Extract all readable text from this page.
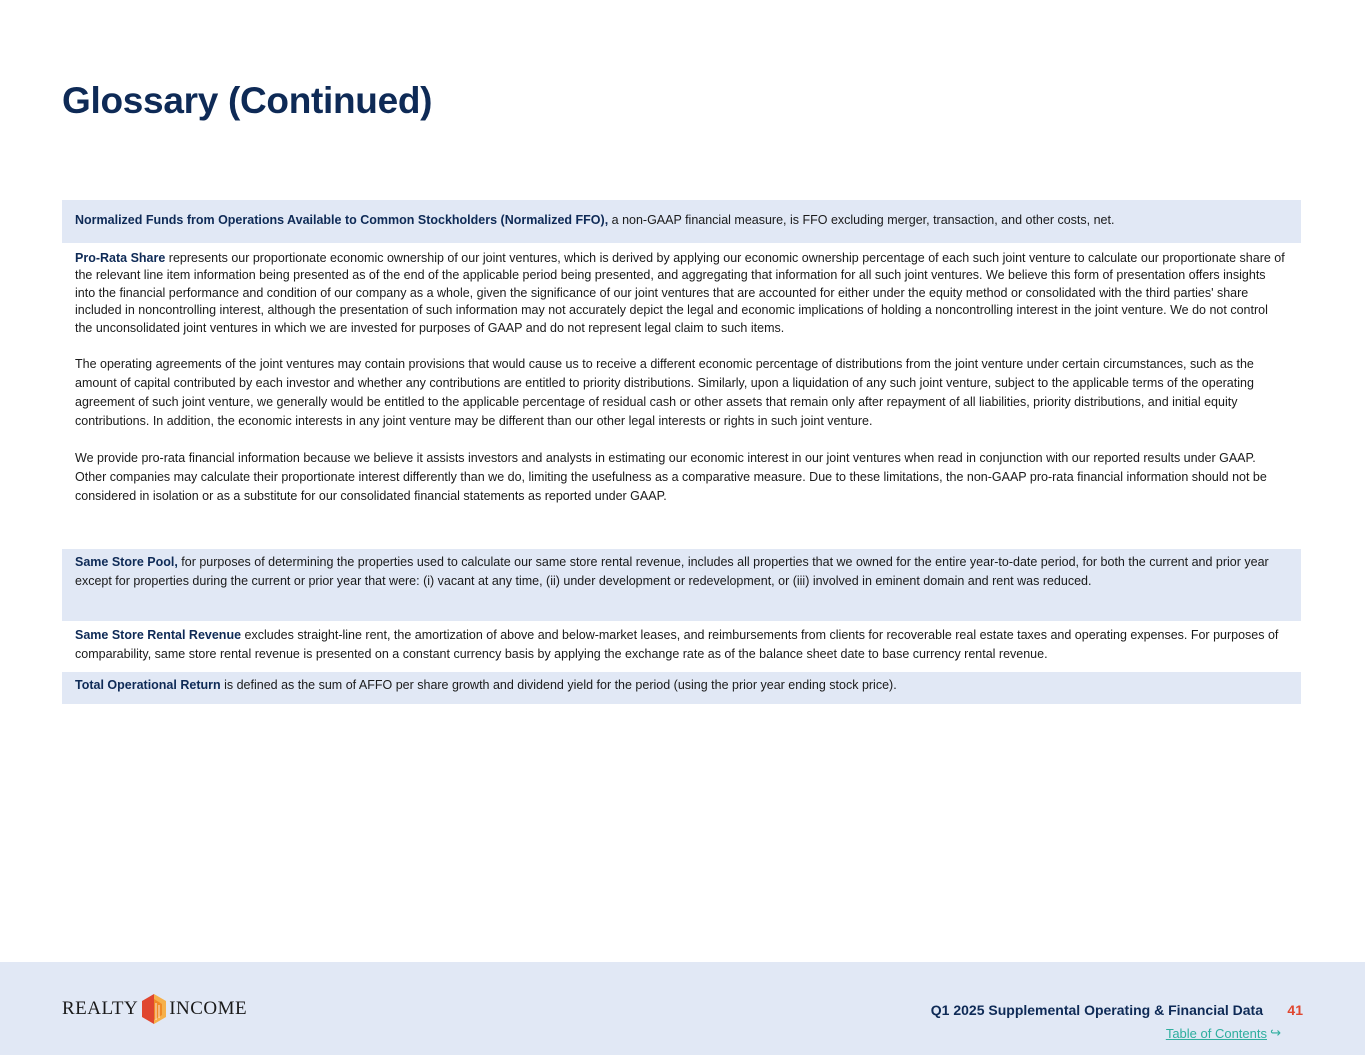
Glossary (Continued)

Normalized Funds from Operations Available to Common Stockholders (Normalized FFO), a non-GAAP financial measure, is FFO excluding merger, transaction, and other costs, net.

Pro-Rata Share represents our proportionate economic ownership of our joint ventures, which is derived by applying our economic ownership percentage of each such joint venture to calculate our proportionate share of the relevant line item information being presented as of the end of the applicable period being presented, and aggregating that information for all such joint ventures. We believe this form of presentation offers insights into the financial performance and condition of our company as a whole, given the significance of our joint ventures that are accounted for either under the equity method or consolidated with the third parties' share included in noncontrolling interest, although the presentation of such information may not accurately depict the legal and economic implications of holding a noncontrolling interest in the joint venture. We do not control the unconsolidated joint ventures in which we are invested for purposes of GAAP and do not represent legal claim to such items.

The operating agreements of the joint ventures may contain provisions that would cause us to receive a different economic percentage of distributions from the joint venture under certain circumstances, such as the amount of capital contributed by each investor and whether any contributions are entitled to priority distributions. Similarly, upon a liquidation of any such joint venture, subject to the applicable terms of the operating agreement of such joint venture, we generally would be entitled to the applicable percentage of residual cash or other assets that remain only after repayment of all liabilities, priority distributions, and initial equity contributions. In addition, the economic interests in any joint venture may be different than our other legal interests or rights in such joint venture.

We provide pro-rata financial information because we believe it assists investors and analysts in estimating our economic interest in our joint ventures when read in conjunction with our reported results under GAAP. Other companies may calculate their proportionate interest differently than we do, limiting the usefulness as a comparative measure. Due to these limitations, the non-GAAP pro-rata financial information should not be considered in isolation or as a substitute for our consolidated financial statements as reported under GAAP.

Same Store Pool, for purposes of determining the properties used to calculate our same store rental revenue, includes all properties that we owned for the entire year-to-date period, for both the current and prior year except for properties during the current or prior year that were: (i) vacant at any time, (ii) under development or redevelopment, or (iii) involved in eminent domain and rent was reduced.

Same Store Rental Revenue excludes straight-line rent, the amortization of above and below-market leases, and reimbursements from clients for recoverable real estate taxes and operating expenses. For purposes of comparability, same store rental revenue is presented on a constant currency basis by applying the exchange rate as of the balance sheet date to base currency rental revenue.

Total Operational Return is defined as the sum of AFFO per share growth and dividend yield for the period (using the prior year ending stock price).

REALTY INCOME	Q1 2025 Supplemental Operating & Financial Data 41
Table of Contents ↪
